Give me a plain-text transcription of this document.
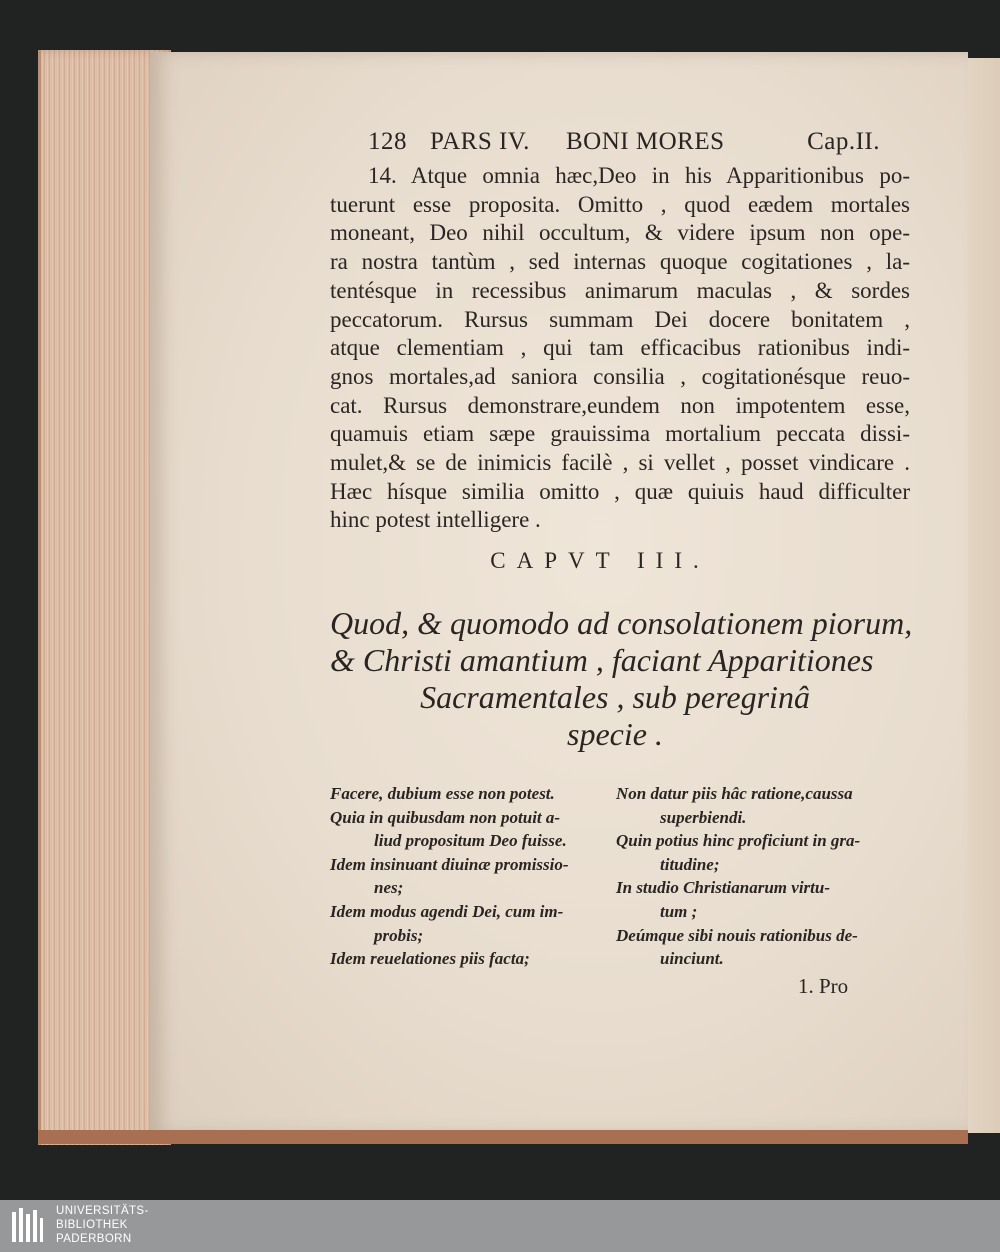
128 PARS IV. BONI MORES	Cap.II.
14. Atque omnia hæc,Deo in his Apparitionibus po-
tuerunt esse proposita. Omitto , quod eædem mortales
moneant, Deo nihil occultum, & videre ipsum non ope-
ra nostra tantùm , sed internas quoque cogitationes , la-
tentésque in recessibus animarum maculas , & sordes
peccatorum. Rursus summam Dei docere bonitatem ,
atque clementiam , qui tam efficacibus rationibus indi-
gnos mortales,ad saniora consilia , cogitationésque reuo-
cat. Rursus demonstrare,eundem non impotentem esse,
quamuis etiam sæpe grauissima mortalium peccata dissi-
mulet,& se de inimicis facilè , si vellet , posset vindicare .
Hæc hísque similia omitto , quæ quiuis haud difficulter
hinc potest intelligere .
CAPVT III.
Quod, & quomodo ad consolationem piorum,
& Christi amantium , faciant Apparitiones
Sacramentales , sub peregrinâ
specie .
Facere, dubium esse non potest.
Quia in quibusdam non potuit a-
liud propositum Deo fuisse.
Idem insinuant diuinæ promissio-
nes;
Idem modus agendi Dei, cum im-
probis;
Idem reuelationes piis facta;
Non datur piis hâc ratione,caussa
superbiendi.
Quin potius hinc proficiunt in gra-
titudine;
In studio Christianarum virtu-
tum ;
Deúmque sibi nouis rationibus de-
uinciunt.
1. Pro
UNIVERSITÄTS-
BIBLIOTHEK
PADERBORN
